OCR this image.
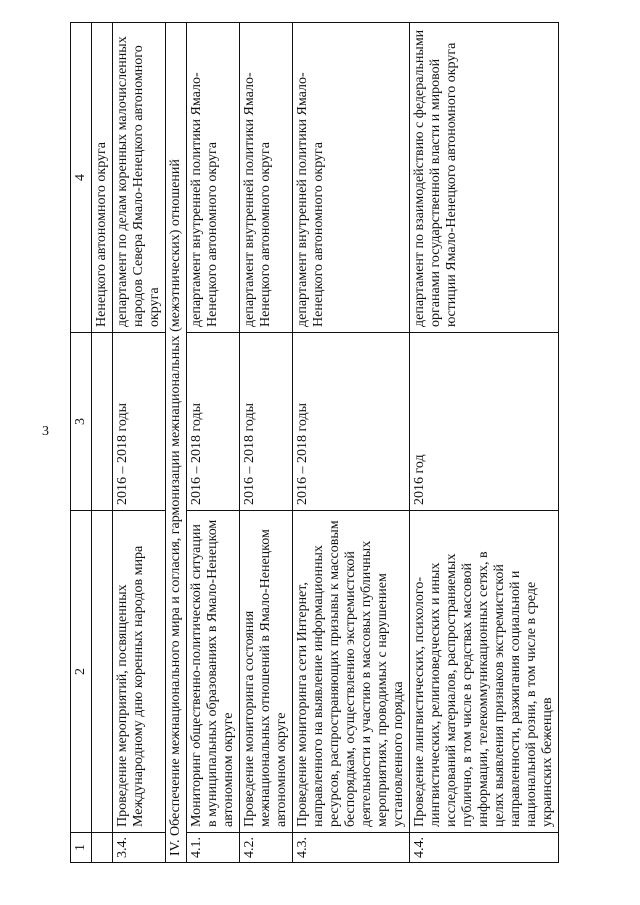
3
1	2	3	4
			Ненецкого автономного округа
3.4.	Проведение мероприятий, посвященных Международному дню коренных народов мира	2016 – 2018 годы	департамент по делам коренных малочисленных народов Севера Ямало-Ненецкого автономного округа
IV. Обеспечение межнационального мира и согласия, гармонизации межнациональных (межэтнических) отношений			
4.1.	Мониторинг общественно-политической ситуации в муниципальных образованиях в Ямало-Ненецком автономном округе	2016 – 2018 годы	департамент внутренней политики Ямало-Ненецкого автономного округа
4.2.	Проведение мониторинга состояния межнациональных отношений в Ямало-Ненецком автономном округе	2016 – 2018 годы	департамент внутренней политики Ямало-Ненецкого автономного округа
4.3.	Проведение мониторинга сети Интернет, направленного на выявление информационных ресурсов, распространяющих призывы к массовым беспорядкам, осуществлению экстремистской деятельности и участию в массовых публичных мероприятиях, проводимых с нарушением установленного порядка	2016 – 2018 годы	департамент внутренней политики Ямало-Ненецкого автономного округа
4.4.	Проведение лингвистических, психолого-лингвистических, религиоведческих и иных исследований материалов, распространяемых публично, в том числе в средствах массовой информации, телекоммуникационных сетях, в целях выявления признаков экстремистской направленности, разжигания социальной и национальной розни, в том числе в среде украинских беженцев	2016 год	департамент по взаимодействию с федеральными органами государственной власти и мировой юстиции Ямало-Ненецкого автономного округа
